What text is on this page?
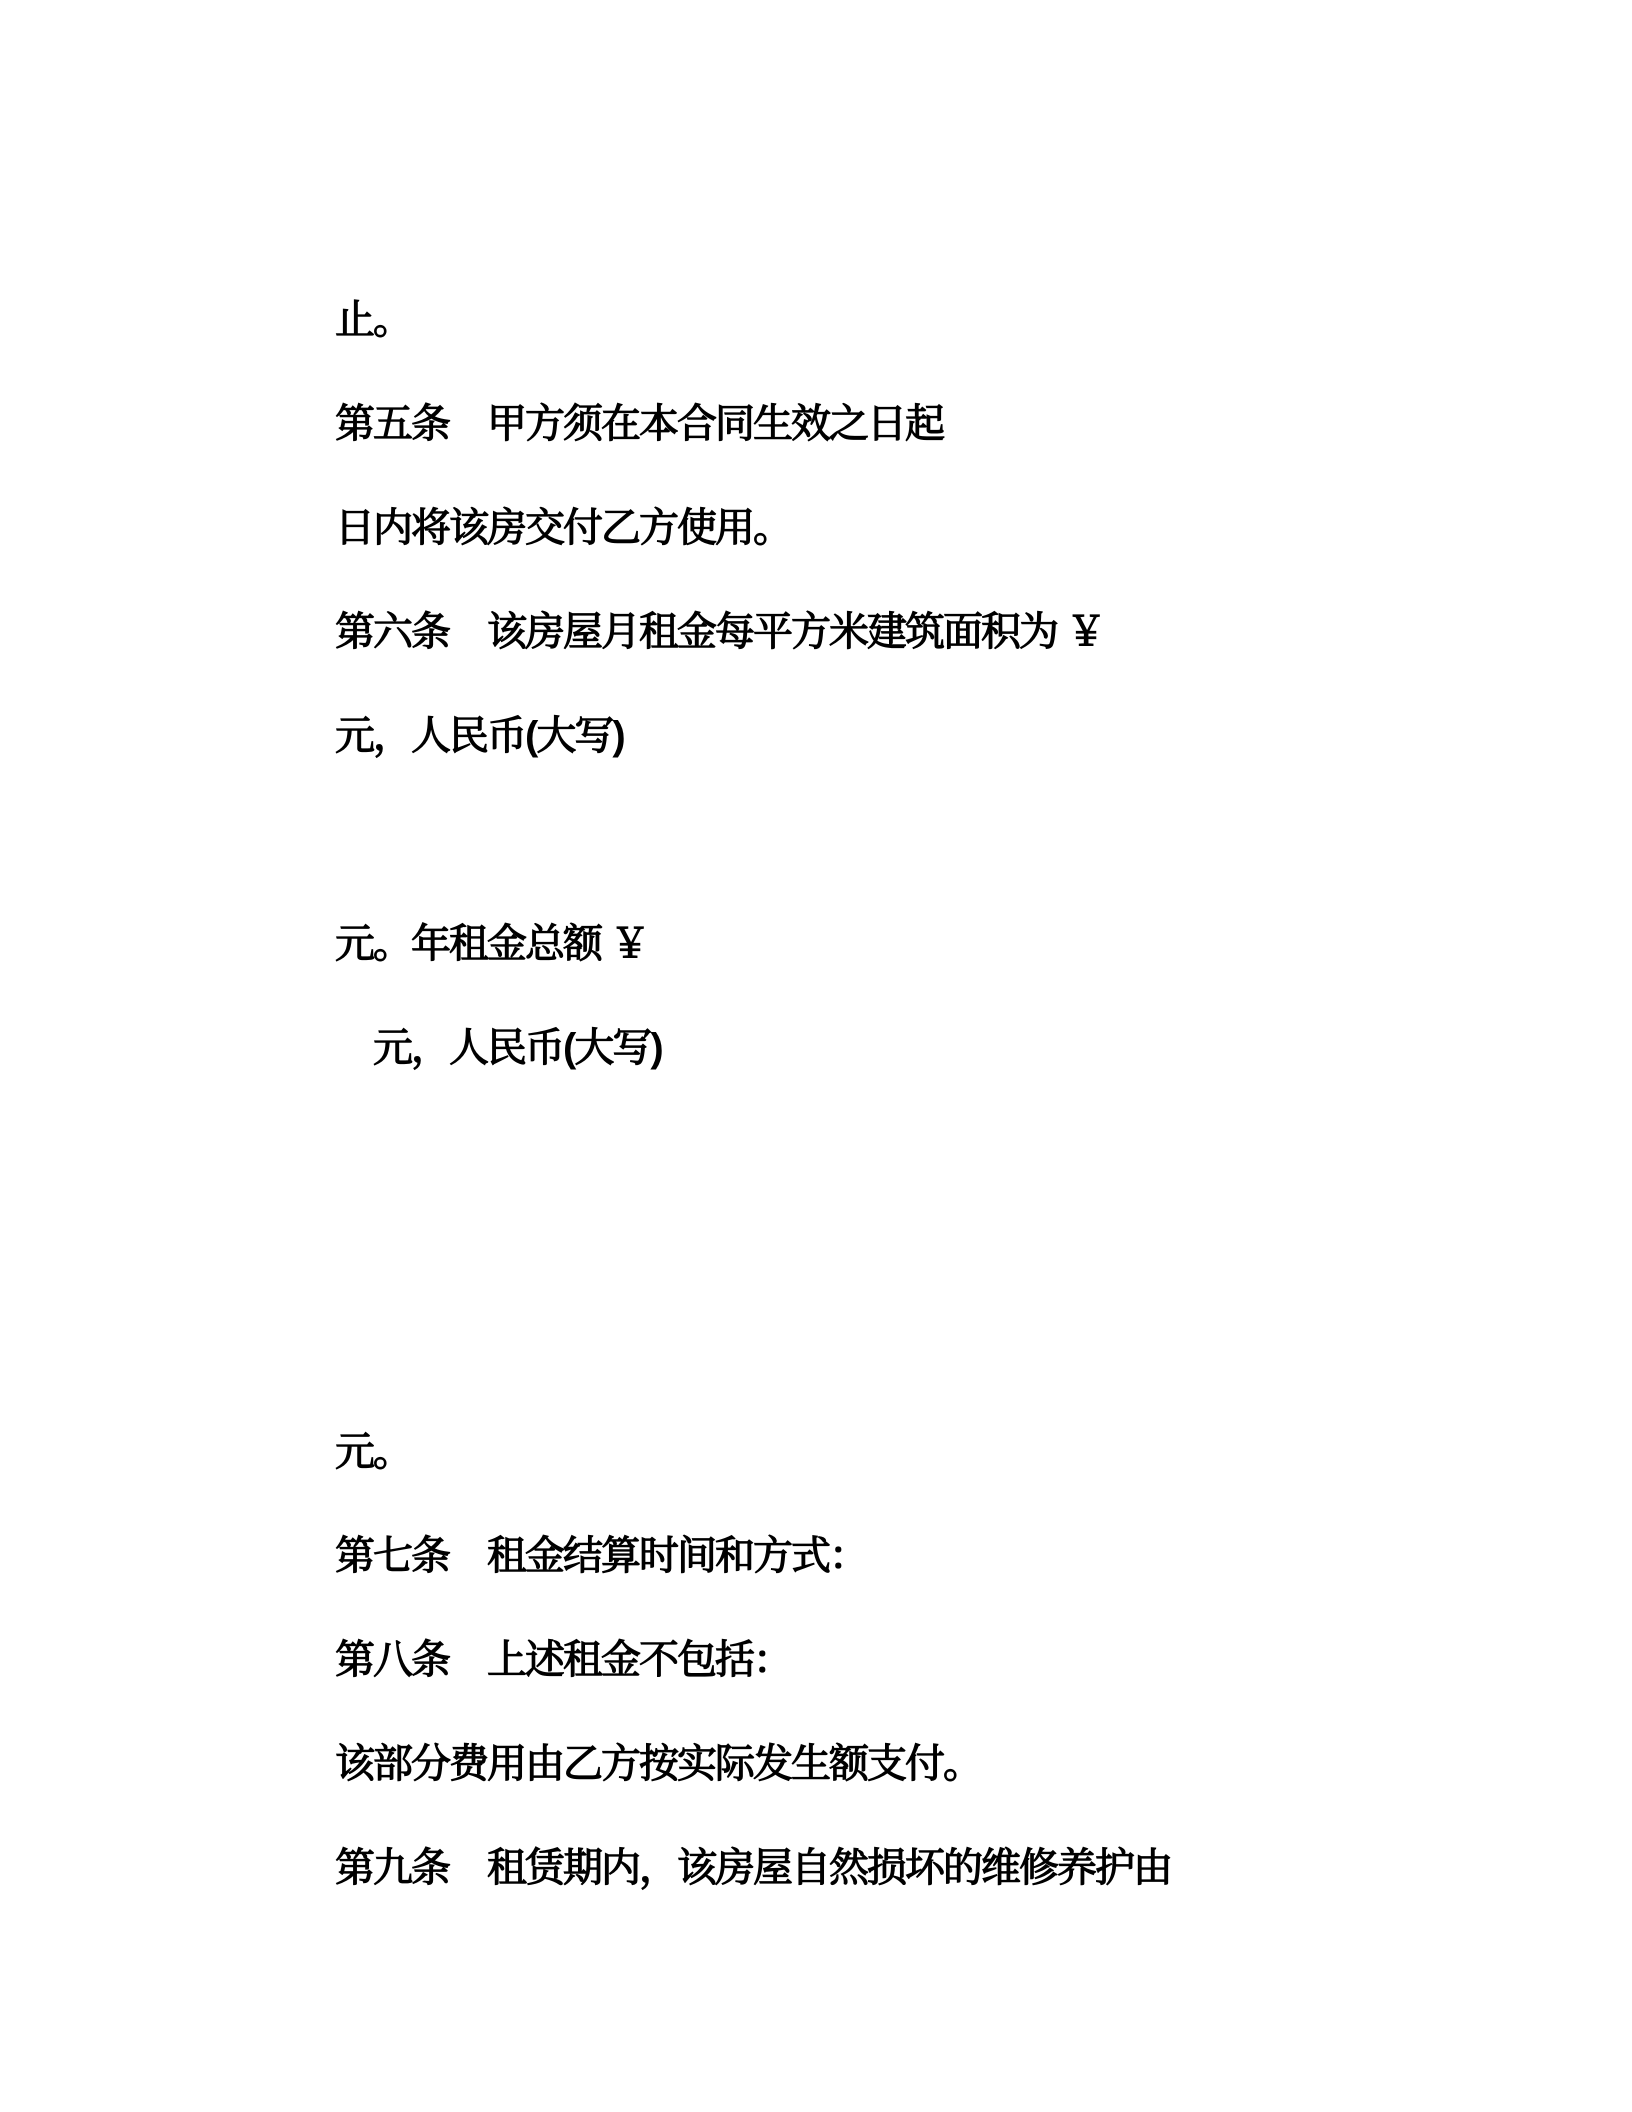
止。
第五条　甲方须在本合同生效之日起
日内将该房交付乙方使用。
第六条　该房屋月租金每平方米建筑面积为 ￥
元，人民币(大写)
元。年租金总额 ￥
　元，人民币(大写)
元。
第七条　租金结算时间和方式：
第八条　上述租金不包括：
该部分费用由乙方按实际发生额支付。
第九条　租赁期内，该房屋自然损坏的维修养护由
